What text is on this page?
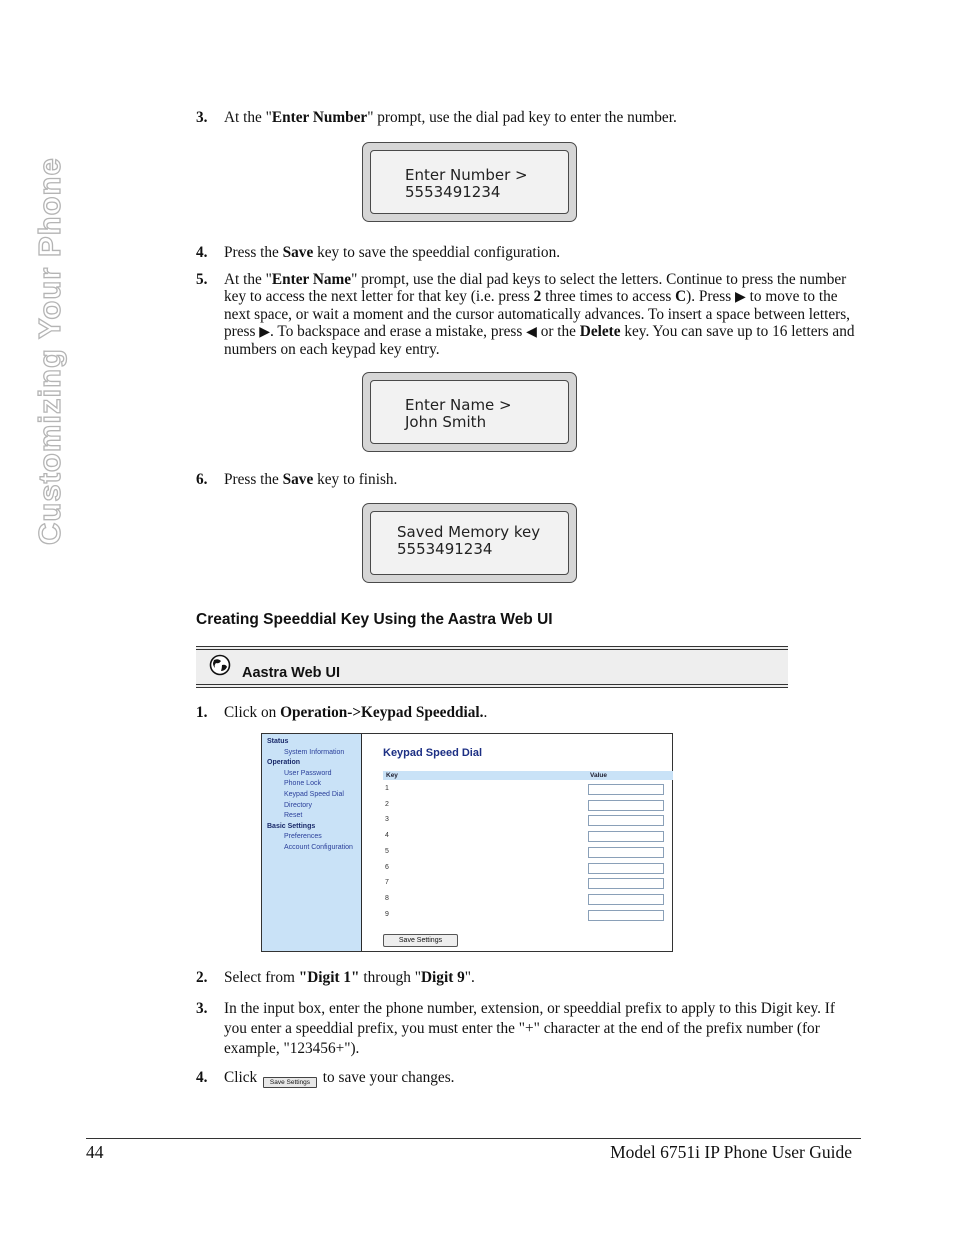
Customizing Your Phone
3. At the "Enter Number" prompt, use the dial pad key to enter the number.
Enter Number >
5553491234
4. Press the Save key to save the speeddial configuration.
5. At the "Enter Name" prompt, use the dial pad keys to select the letters. Continue to press the number key to access the next letter for that key (i.e. press 2 three times to access C). Press ▶ to move to the next space, or wait a moment and the cursor automatically advances. To insert a space between letters, press ▶. To backspace and erase a mistake, press ◀ or the Delete key. You can save up to 16 letters and numbers on each keypad key entry.
Enter Name >
John Smith
6. Press the Save key to finish.
Saved Memory key
5553491234
Creating Speeddial Key Using the Aastra Web UI
Aastra Web UI
1. Click on Operation->Keypad Speeddial..
Status
System Information
Operation
User Password
Phone Lock
Keypad Speed Dial
Directory
Reset
Basic Settings
Preferences
Account Configuration
Keypad Speed Dial
Key	Value
Save Settings
1
2
3
4
5
6
7
8
9
2. Select from "Digit 1" through "Digit 9".
3. In the input box, enter the phone number, extension, or speeddial prefix to apply to this Digit key. If you enter a speeddial prefix, you must enter the "+" character at the end of the prefix number (for example, "123456+").
4. Click Save Settings to save your changes.
44	Model 6751i IP Phone User Guide
